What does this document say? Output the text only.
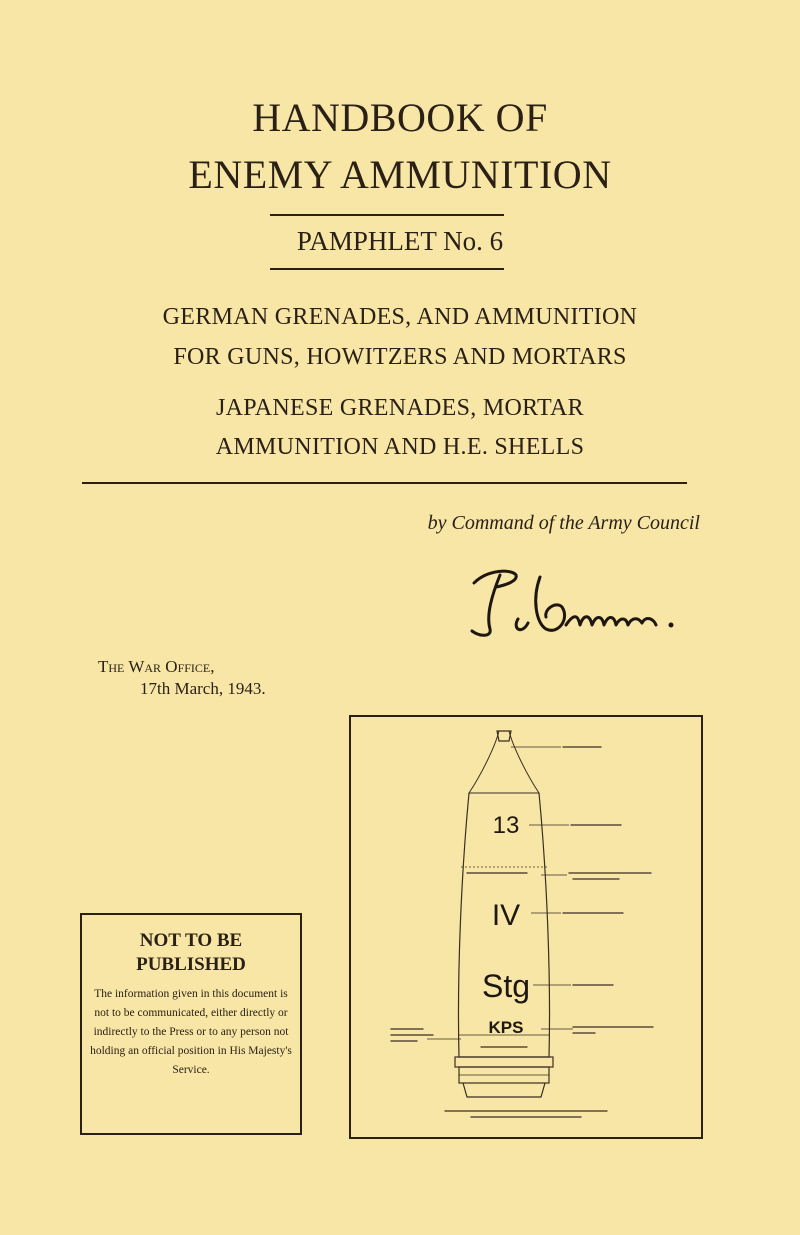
HANDBOOK OF
ENEMY AMMUNITION
PAMPHLET No. 6
GERMAN GRENADES, AND AMMUNITION
FOR GUNS, HOWITZERS AND MORTARS
JAPANESE GRENADES, MORTAR
AMMUNITION AND H.E. SHELLS
by Command of the Army Council
The War Office,
17th March, 1943.
NOT TO BE
PUBLISHED
The information given in this document is not to be communicated, either directly or indirectly to the Press or to any person not holding an official position in His Majesty's Service.
13
IV
Stg
KPS
